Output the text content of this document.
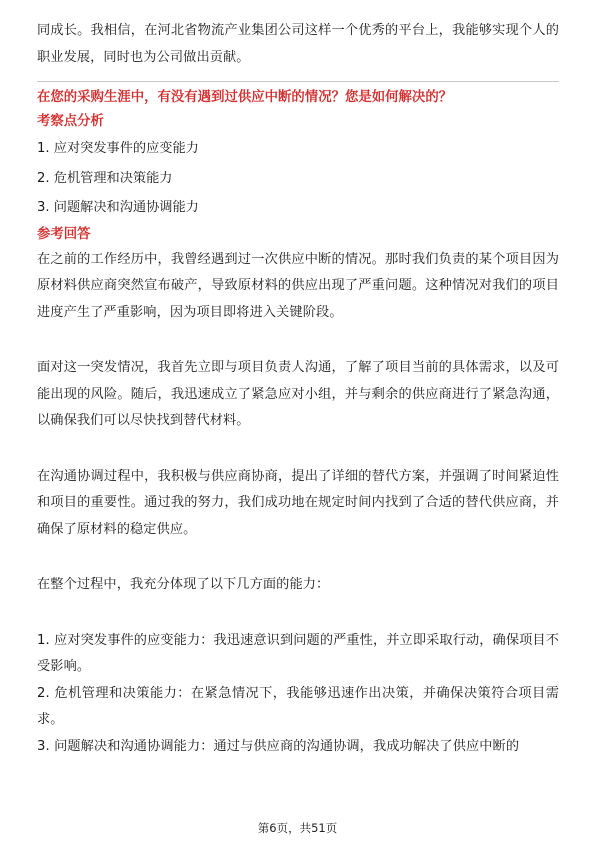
同成长。我相信，在河北省物流产业集团公司这样一个优秀的平台上，我能够实现个人的职业发展，同时也为公司做出贡献。

在您的采购生涯中，有没有遇到过供应中断的情况？您是如何解决的？

考察点分析

1. 应对突发事件的应变能力

2. 危机管理和决策能力

3. 问题解决和沟通协调能力

参考回答

在之前的工作经历中，我曾经遇到过一次供应中断的情况。那时我们负责的某个项目因为原材料供应商突然宣布破产，导致原材料的供应出现了严重问题。这种情况对我们的项目进度产生了严重影响，因为项目即将进入关键阶段。

面对这一突发情况，我首先立即与项目负责人沟通，了解了项目当前的具体需求，以及可能出现的风险。随后，我迅速成立了紧急应对小组，并与剩余的供应商进行了紧急沟通，以确保我们可以尽快找到替代材料。

在沟通协调过程中，我积极与供应商协商，提出了详细的替代方案，并强调了时间紧迫性和项目的重要性。通过我的努力，我们成功地在规定时间内找到了合适的替代供应商，并确保了原材料的稳定供应。

在整个过程中，我充分体现了以下几方面的能力：

1. 应对突发事件的应变能力：我迅速意识到问题的严重性，并立即采取行动，确保项目不受影响。

2. 危机管理和决策能力：在紧急情况下，我能够迅速作出决策，并确保决策符合项目需求。

3. 问题解决和沟通协调能力：通过与供应商的沟通协调，我成功解决了供应中断的

第6页，共51页
